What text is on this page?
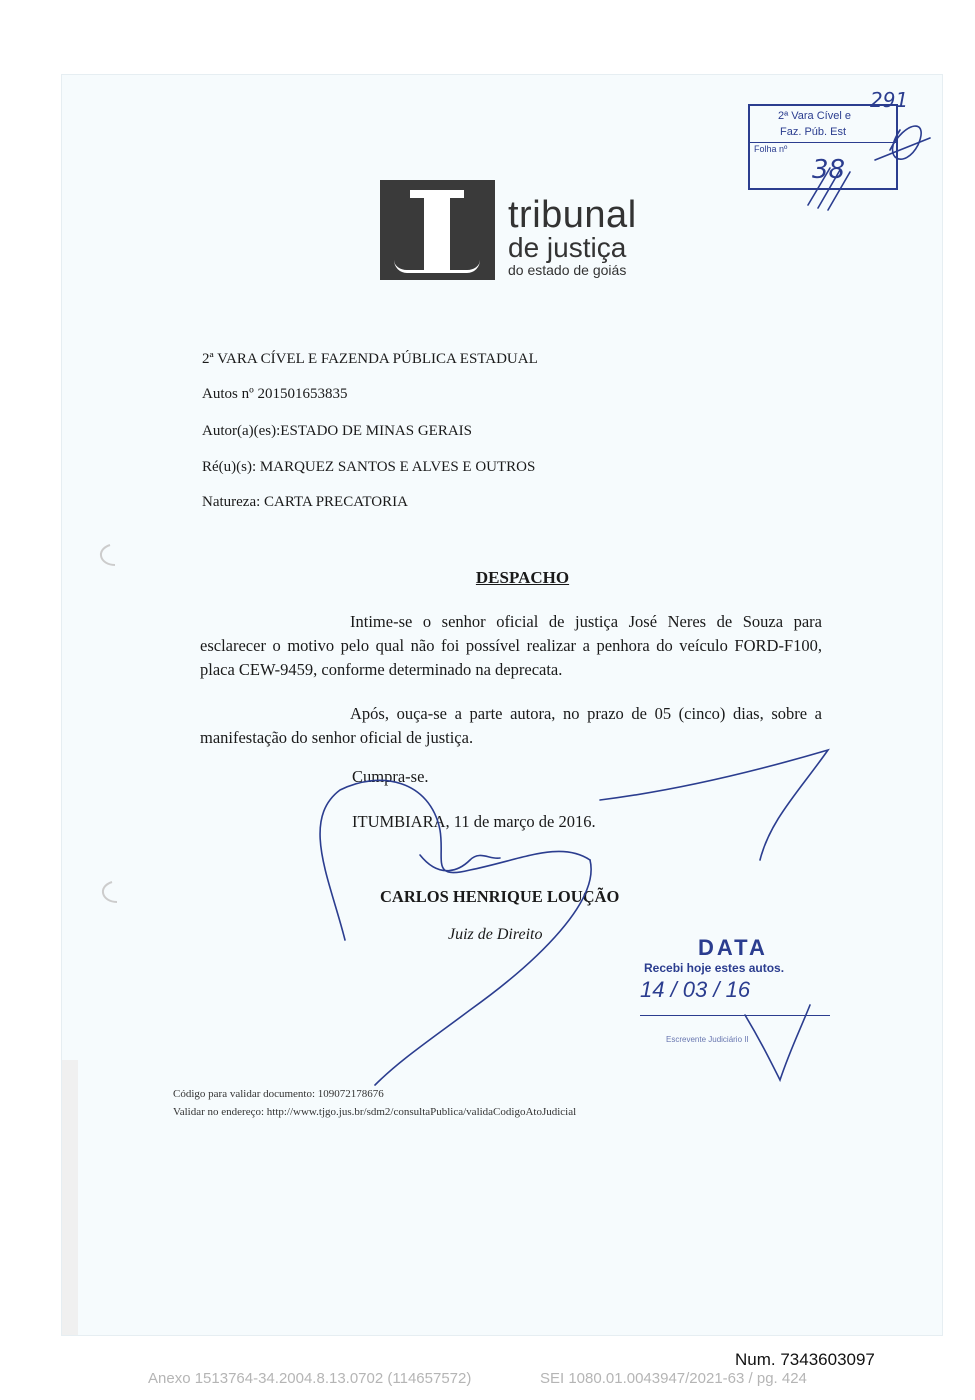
2ª Vara Cível e
Faz. Púb. Est
Folha nº
291
38
tribunal
de justiça
do estado de goiás
2ª VARA CÍVEL E FAZENDA PÚBLICA ESTADUAL
Autos nº 201501653835
Autor(a)(es):ESTADO DE MINAS GERAIS
Ré(u)(s): MARQUEZ SANTOS E ALVES E OUTROS
Natureza: CARTA PRECATORIA
DESPACHO
Intime-se o senhor oficial de justiça José Neres de Souza para esclarecer o motivo pelo qual não foi possível realizar a penhora do veículo FORD-F100, placa CEW-9459, conforme determinado na deprecata.
Após, ouça-se a parte autora, no prazo de 05 (cinco) dias, sobre a manifestação do senhor oficial de justiça.
Cumpra-se.
ITUMBIARA, 11 de março de 2016.
CARLOS HENRIQUE LOUÇÃO
Juiz de Direito
DATA
Recebi hoje estes autos.
14 / 03 / 16
Escrevente Judiciário II
Código para validar documento: 109072178676
Validar no endereço: http://www.tjgo.jus.br/sdm2/consultaPublica/validaCodigoAtoJudicial
Num. 7343603097
Anexo 1513764-34.2004.8.13.0702 (114657572)	SEI 1080.01.0043947/2021-63 / pg. 424
